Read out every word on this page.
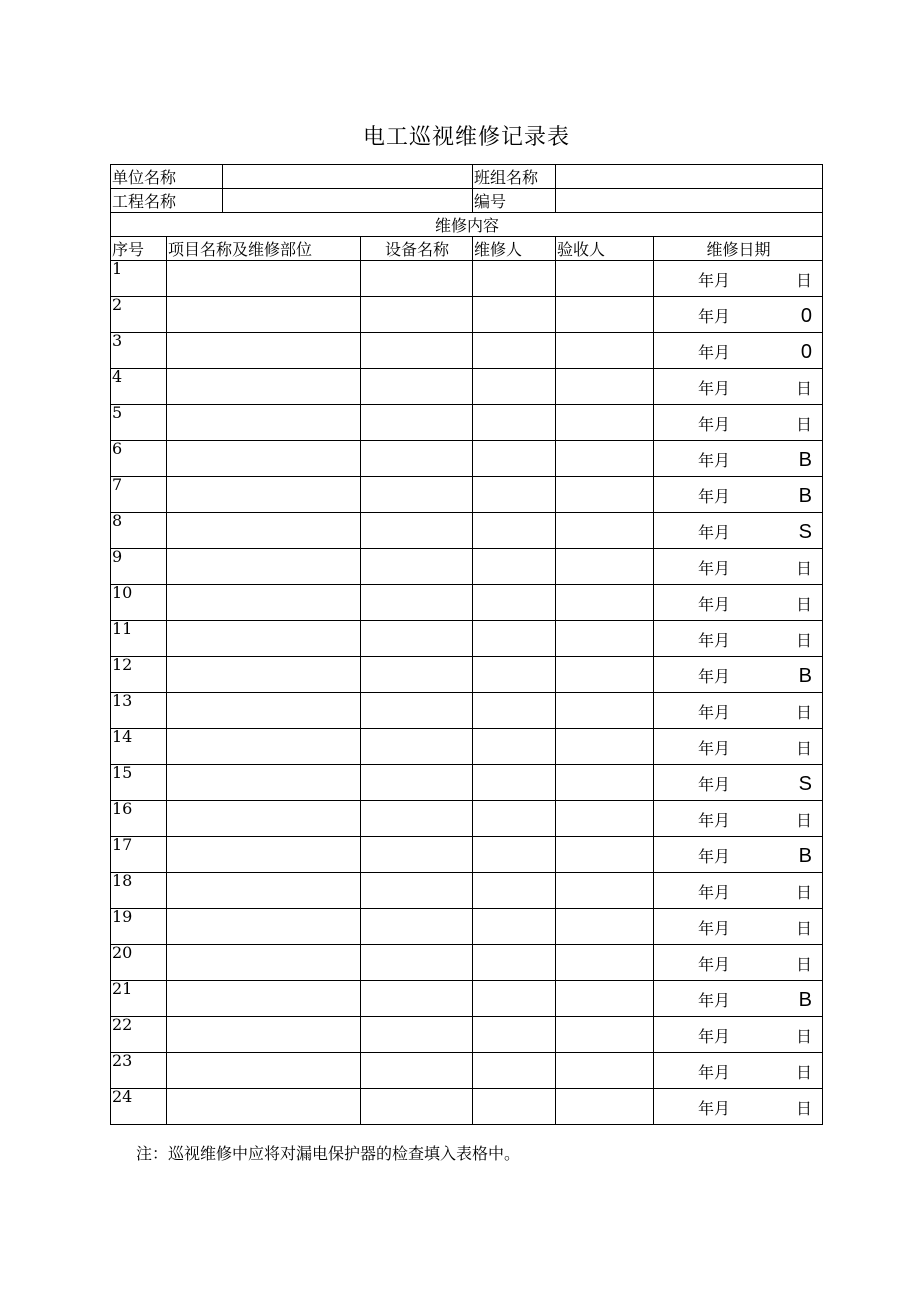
电工巡视维修记录表
单位名称				班组名称		
工程名称				编号		
维修内容						
序号	项目名称及维修部位		设备名称	维修人	验收人	维修日期
1						年月 日

2						年月 0

3						年月 0

4						年月 日

5						年月 日

6						年月 B

7						年月 B

8						年月 S

9						年月 日

10						年月 日

11						年月 日

12						年月 B

13						年月 日

14						年月 日

15						年月 S

16						年月 日

17						年月 B

18						年月 日

19						年月 日

20						年月 日

21						年月 B

22						年月 日

23						年月 日

24						年月 日
注：巡视维修中应将对漏电保护器的检查填入表格中。
